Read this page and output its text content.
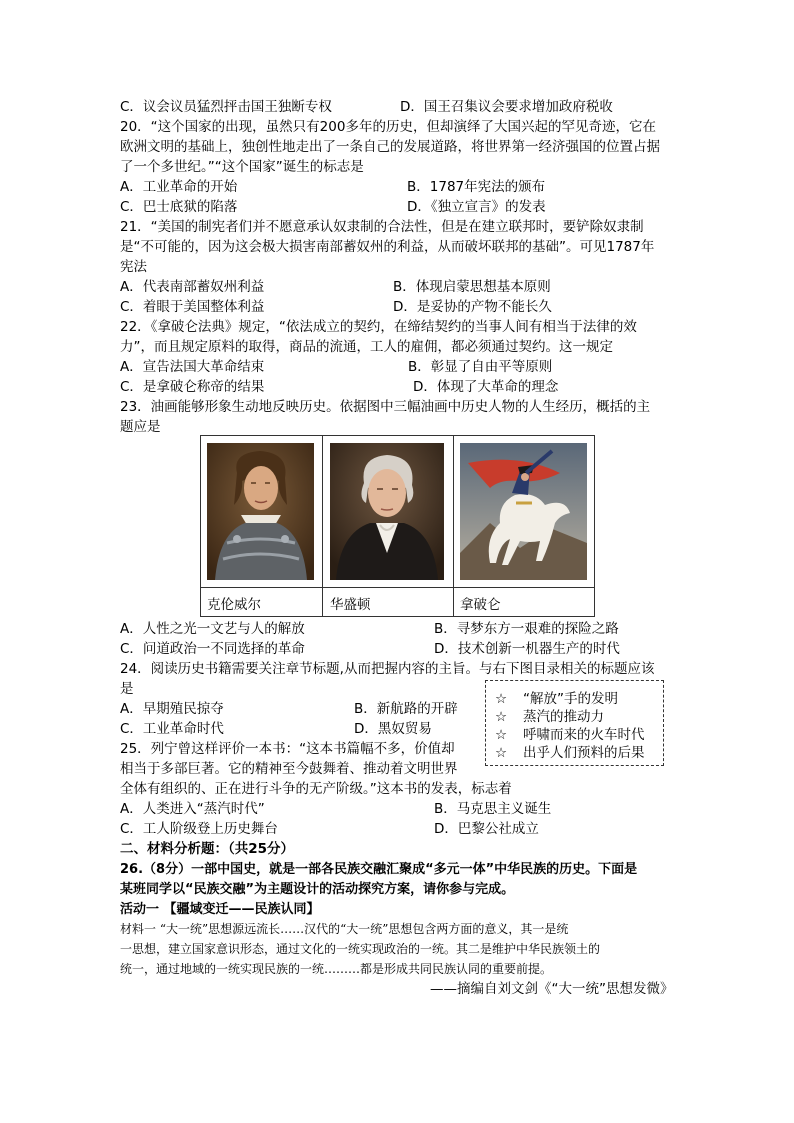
C．议会议员猛烈抨击国王独断专权	D．国王召集议会要求增加政府税收
20．“这个国家的出现，虽然只有200多年的历史，但却演绎了大国兴起的罕见奇迹，它在
欧洲文明的基础上，独创性地走出了一条自己的发展道路，将世界第一经济强国的位置占据
了一个多世纪。”“这个国家”诞生的标志是
A．工业革命的开始	B．1787年宪法的颁布
C．巴士底狱的陷落	D．《独立宣言》的发表
21．“美国的制宪者们并不愿意承认奴隶制的合法性，但是在建立联邦时，要铲除奴隶制
是“不可能的，因为这会极大损害南部蓄奴州的利益，从而破坏联邦的基础”。可见1787年
宪法
A．代表南部蓄奴州利益	B．体现启蒙思想基本原则
C．着眼于美国整体利益	D．是妥协的产物不能长久
22．《拿破仑法典》规定，“依法成立的契约，在缔结契约的当事人间有相当于法律的效
力”，而且规定原料的取得，商品的流通，工人的雇佣，都必须通过契约。这一规定
A．宣告法国大革命结束	B．彰显了自由平等原则
C．是拿破仑称帝的结果	D．体现了大革命的理念
23．油画能够形象生动地反映历史。依据图中三幅油画中历史人物的人生经历，概括的主
题应是

克伦威尔	华盛顿	拿破仑
A．人性之光一文艺与人的解放	B．寻梦东方一艰难的探险之路
C．问道政治一不同选择的革命	D．技术创新一机器生产的时代
24．阅读历史书籍需要关注章节标题,从而把握内容的主旨。与右下图目录相关的标题应该
是
A．早期殖民掠夺	B．新航路的开辟
C．工业革命时代	D．黑奴贸易
☆ “解放”手的发明
☆ 蒸汽的推动力
☆ 呼啸而来的火车时代
☆ 出乎人们预料的后果
25．列宁曾这样评价一本书：“这本书篇幅不多，价值却
相当于多部巨著。它的精神至今鼓舞着、推动着文明世界
全体有组织的、正在进行斗争的无产阶级。”这本书的发表，标志着
A．人类进入“蒸汽时代”	B．马克思主义诞生
C．工人阶级登上历史舞台	D．巴黎公社成立
二、材料分析题：（共25分）
26.（8分）一部中国史，就是一部各民族交融汇聚成“多元一体”中华民族的历史。下面是
某班同学以“民族交融”为主题设计的活动探究方案，请你参与完成。
活动一 【疆域变迁——民族认同】
材料一 “大一统”思想源远流长……汉代的“大一统”思想包含两方面的意义，其一是统
一思想，建立国家意识形态，通过文化的一统实现政治的一统。其二是维护中华民族领土的
统一，通过地域的一统实现民族的一统………都是形成共同民族认同的重要前提。
——摘编自刘文剑《“大一统”思想发微》
